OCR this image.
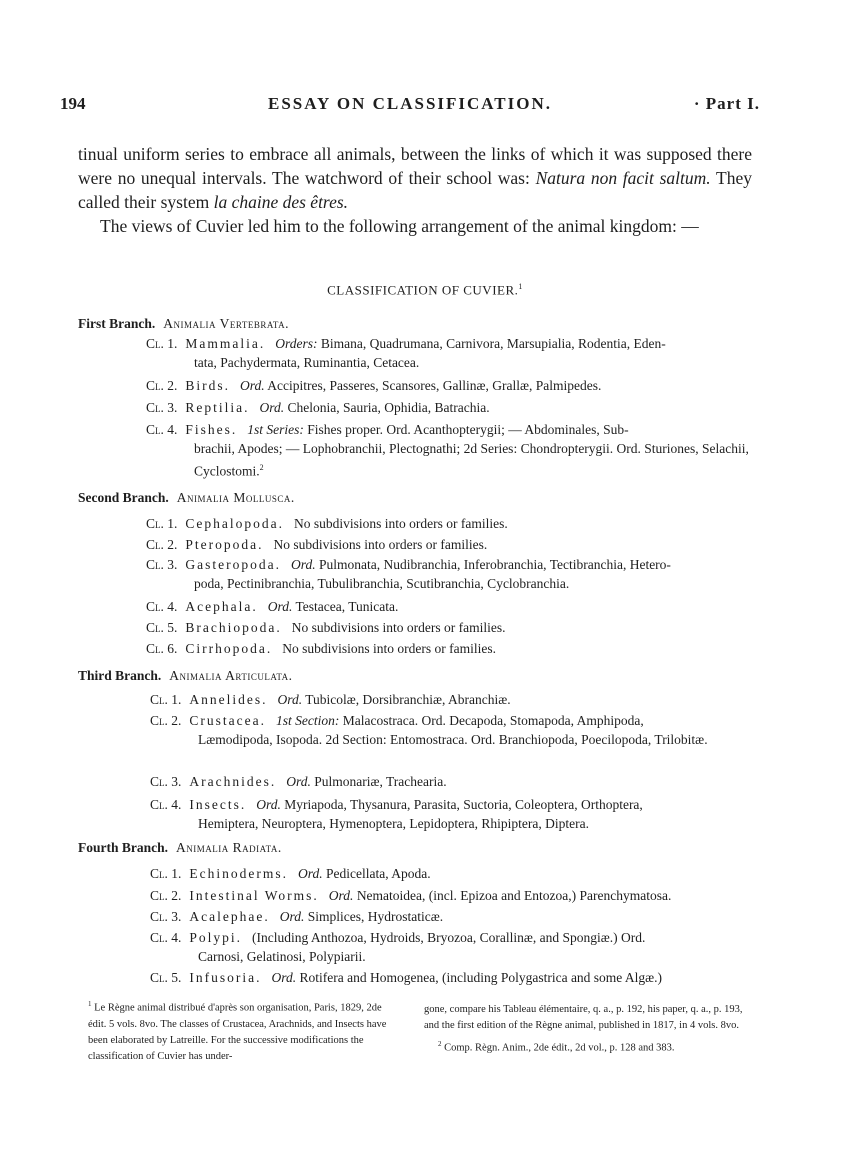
194	ESSAY ON CLASSIFICATION.	· Part I.

tinual uniform series to embrace all animals, between the links of which it was supposed there were no unequal intervals. The watchword of their school was: Natura non facit saltum. They called their system la chaine des êtres.

The views of Cuvier led him to the following arrangement of the animal kingdom: —

CLASSIFICATION OF CUVIER.$^1$
First Branch. Animalia Vertebrata.
Cl. 1. Mammalia. Orders: Bimana, Quadrumana, Carnivora, Marsupialia, Rodentia, Eden-
tata, Pachydermata, Ruminantia, Cetacea.
Cl. 2. Birds. Ord. Accipitres, Passeres, Scansores, Gallinæ, Grallæ, Palmipedes.
Cl. 3. Reptilia. Ord. Chelonia, Sauria, Ophidia, Batrachia.
Cl. 4. Fishes. 1st Series: Fishes proper. Ord. Acanthopterygii; — Abdominales, Sub-
brachii, Apodes; — Lophobranchii, Plectognathi; 2d Series: Chondropterygii. Ord. Sturiones, Selachii, Cyclostomi.$^2$
Second Branch. Animalia Mollusca.
Cl. 1. Cephalopoda. No subdivisions into orders or families.
Cl. 2. Pteropoda. No subdivisions into orders or families.
Cl. 3. Gasteropoda. Ord. Pulmonata, Nudibranchia, Inferobranchia, Tectibranchia, Hetero-
poda, Pectinibranchia, Tubulibranchia, Scutibranchia, Cyclobranchia.
Cl. 4. Acephala. Ord. Testacea, Tunicata.
Cl. 5. Brachiopoda. No subdivisions into orders or families.
Cl. 6. Cirrhopoda. No subdivisions into orders or families.
Third Branch. Animalia Articulata.
Cl. 1. Annelides. Ord. Tubicolæ, Dorsibranchiæ, Abranchiæ.
Cl. 2. Crustacea. 1st Section: Malacostraca. Ord. Decapoda, Stomapoda, Amphipoda,
Læmodipoda, Isopoda. 2d Section: Entomostraca. Ord. Branchiopoda, Poecilopoda, Trilobitæ.
Cl. 3. Arachnides. Ord. Pulmonariæ, Trachearia.
Cl. 4. Insects. Ord. Myriapoda, Thysanura, Parasita, Suctoria, Coleoptera, Orthoptera,
Hemiptera, Neuroptera, Hymenoptera, Lepidoptera, Rhipiptera, Diptera.
Fourth Branch. Animalia Radiata.
Cl. 1. Echinoderms. Ord. Pedicellata, Apoda.
Cl. 2. Intestinal Worms. Ord. Nematoidea, (incl. Epizoa and Entozoa,) Parenchymatosa.
Cl. 3. Acalephae. Ord. Simplices, Hydrostaticæ.
Cl. 4. Polypi. (Including Anthozoa, Hydroids, Bryozoa, Corallinæ, and Spongiæ.) Ord.
Carnosi, Gelatinosi, Polypiarii.
Cl. 5. Infusoria. Ord. Rotifera and Homogenea, (including Polygastrica and some Algæ.)
$^1$ Le Règne animal distribué d'après son organisation, Paris, 1829, 2de édit. 5 vols. 8vo. The classes of Crustacea, Arachnids, and Insects have been elaborated by Latreille. For the successive modifications the classification of Cuvier has under-
gone, compare his Tableau élémentaire, q. a., p. 192, his paper, q. a., p. 193, and the first edition of the Règne animal, published in 1817, in 4 vols. 8vo.
$^2$ Comp. Règn. Anim., 2de édit., 2d vol., p. 128 and 383.
